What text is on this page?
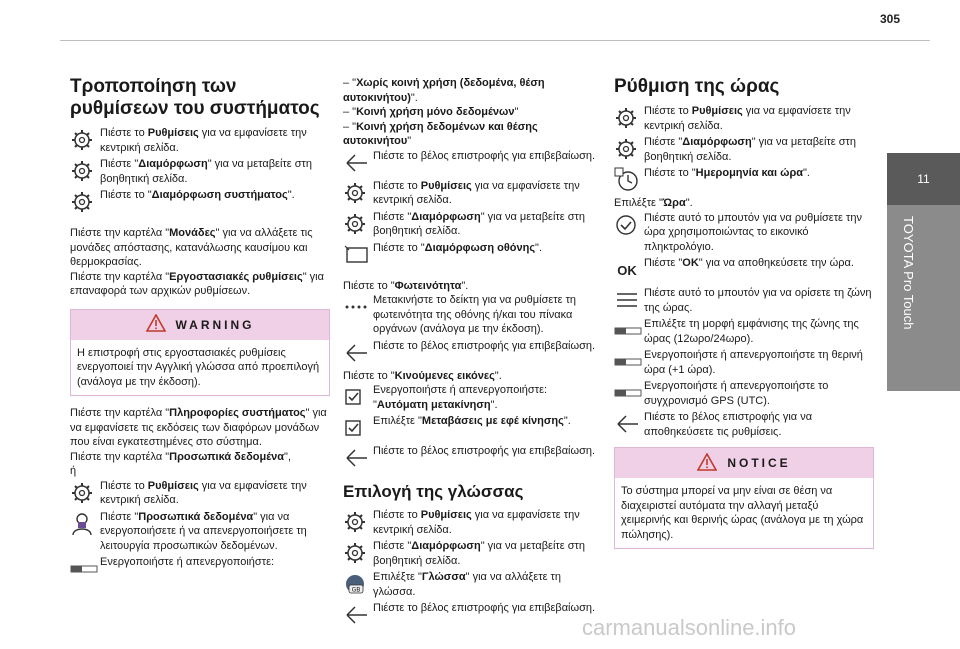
305
11
TOYOTA Pro Touch
Τροποποίηση των ρυθμίσεων του συστήματος
Πιέστε το Ρυθμίσεις για να εμφανίσετε την κεντρική σελίδα.
Πιέστε "Διαμόρφωση" για να μεταβείτε στη βοηθητική σελίδα.
Πιέστε το "Διαμόρφωση συστήματος".

Πιέστε την καρτέλα "Μονάδες" για να αλλάξετε τις μονάδες απόστασης, κατανάλωσης καυσίμου και θερμοκρασίας.

Πιέστε την καρτέλα "Εργοστασιακές ρυθμίσεις" για επαναφορά των αρχικών ρυθμίσεων.

WARNING
Η επιστροφή στις εργοστασιακές ρυθμίσεις ενεργοποιεί την Αγγλική γλώσσα από προεπιλογή (ανάλογα με την έκδοση).

Πιέστε την καρτέλα "Πληροφορίες συστήματος" για να εμφανίσετε τις εκδόσεις των διαφόρων μονάδων που είναι εγκατεστημένες στο σύστημα.

Πιέστε την καρτέλα "Προσωπικά δεδομένα",

ή

Πιέστε το Ρυθμίσεις για να εμφανίσετε την κεντρική σελίδα.
Πιέστε "Προσωπικά δεδομένα" για να ενεργοποιήσετε ή να απενεργοποιήσετε τη λειτουργία προσωπικών δεδομένων.
Ενεργοποιήστε ή απενεργοποιήστε:

– "Χωρίς κοινή χρήση (δεδομένα, θέση αυτοκινήτου)".

– "Κοινή χρήση μόνο δεδομένων"

– "Κοινή χρήση δεδομένων και θέσης αυτοκινήτου"

Πιέστε το βέλος επιστροφής για επιβεβαίωση.
Πιέστε το Ρυθμίσεις για να εμφανίσετε την κεντρική σελίδα.
Πιέστε "Διαμόρφωση" για να μεταβείτε στη βοηθητική σελίδα.
Πιέστε το "Διαμόρφωση οθόνης".

Πιέστε το "Φωτεινότητα".

Μετακινήστε το δείκτη για να ρυθμίσετε τη φωτεινότητα της οθόνης ή/και του πίνακα οργάνων (ανάλογα με την έκδοση).
Πιέστε το βέλος επιστροφής για επιβεβαίωση.

Πιέστε το "Κινούμενες εικόνες".

Ενεργοποιήστε ή απενεργοποιήστε: "Αυτόματη μετακίνηση".
Επιλέξτε "Μεταβάσεις με εφέ κίνησης".
Πιέστε το βέλος επιστροφής για επιβεβαίωση.
Επιλογή της γλώσσας
Πιέστε το Ρυθμίσεις για να εμφανίσετε την κεντρική σελίδα.
Πιέστε "Διαμόρφωση" για να μεταβείτε στη βοηθητική σελίδα.
GB
Επιλέξτε "Γλώσσα" για να αλλάξετε τη γλώσσα.
Πιέστε το βέλος επιστροφής για επιβεβαίωση.
Ρύθμιση της ώρας
Πιέστε το Ρυθμίσεις για να εμφανίσετε την κεντρική σελίδα.
Πιέστε "Διαμόρφωση" για να μεταβείτε στη βοηθητική σελίδα.
Πιέστε το "Ημερομηνία και ώρα".

Επιλέξτε "Ώρα".

Πιέστε αυτό το μπουτόν για να ρυθμίσετε την ώρα χρησιμοποιώντας το εικονικό πληκτρολόγιο.
OK Πιέστε "OK" για να αποθηκεύσετε την ώρα.
Πιέστε αυτό το μπουτόν για να ορίσετε τη ζώνη της ώρας.
Επιλέξτε τη μορφή εμφάνισης της ζώνης της ώρας (12ωρο/24ωρο).
Ενεργοποιήστε ή απενεργοποιήστε τη θερινή ώρα (+1 ώρα).
Ενεργοποιήστε ή απενεργοποιήστε το συγχρονισμό GPS (UTC).
Πιέστε το βέλος επιστροφής για να αποθηκεύσετε τις ρυθμίσεις.
NOTICE
Το σύστημα μπορεί να μην είναι σε θέση να διαχειριστεί αυτόματα την αλλαγή μεταξύ χειμερινής και θερινής ώρας (ανάλογα με τη χώρα πώλησης).
carmanualsonline.info
